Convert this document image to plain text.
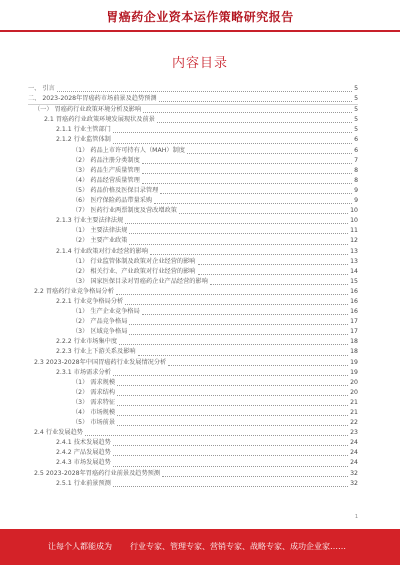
胃癌药企业资本运作策略研究报告
内容目录
一、 引言	5
二、 2023-2028年胃癌药市场前景及趋势预测	5
（一） 胃癌药行业政策环境分析及影响	5
2.1 胃癌药行业政策环境发展现状及前景	5
2.1.1 行业主管部门	5
2.1.2 行业监管体制	6
（1） 药品上市许可持有人（MAH）制度	6
（2） 药品注册分类制度	7
（3） 药品生产质量管理	8
（4） 药品经营质量管理	8
（5） 药品价格及医保目录管理	9
（6） 医疗保险药品带量采购	9
（7） 医药行业两票制度及营改增政策	10
2.1.3 行业主要法律法规	10
（1） 主要法律法规	11
（2） 主要产业政策	12
2.1.4 行业政策对行业经营的影响	13
（1） 行业监管体制及政策对企业经营的影响	13
（2） 相关行业、产业政策对行业经营的影响	14
（3） 国家医保目录对胃癌药企业产品经营的影响	15
2.2 胃癌药行业竞争格局分析	16
2.2.1 行业竞争格局分析	16
（1） 生产企业竞争格局	16
（2） 产品竞争格局	17
（3） 区域竞争格局	17
2.2.2 行业市场集中度	18
2.2.3 行业上下游关系及影响	18
2.3 2023-2028年中国胃癌药行业发展情况分析	19
2.3.1 市场需求分析	19
（1） 需求规模	20
（2） 需求结构	20
（3） 需求特征	21
（4） 市场规模	21
（5） 市场前景	22
2.4 行业发展趋势	23
2.4.1 技术发展趋势	24
2.4.2 产品发展趋势	24
2.4.3 市场发展趋势	24
2.5 2023-2028年胃癌药行业前景及趋势预测	32
2.5.1 行业前景预测	32
1
让每个人都能成为 行业专家、管理专家、营销专家、战略专家、成功企业家……
